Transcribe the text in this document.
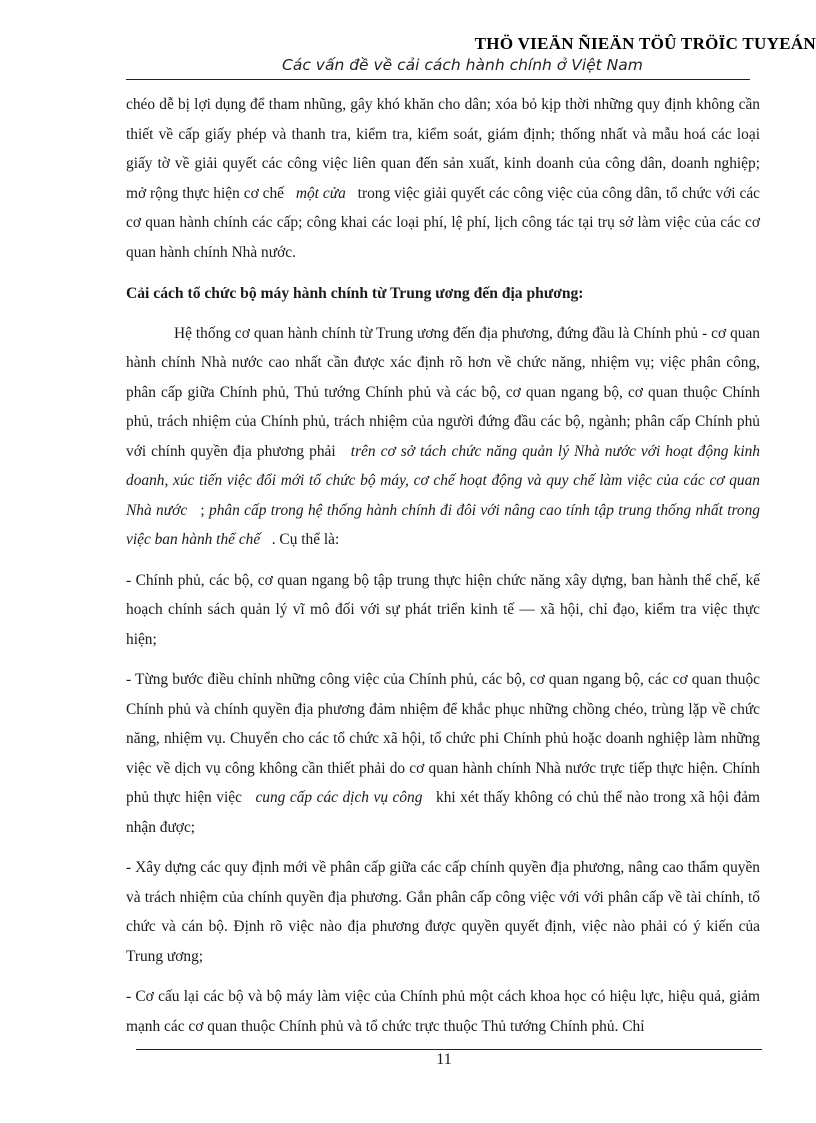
THÖ VIEÄN ÑIEÄN TÖÛ TRÖÏC TUYEÁN
Các vấn đề về cải cách hành chính ở Việt Nam

chéo dễ bị lợi dụng để tham nhũng, gây khó khăn cho dân; xóa bỏ kịp thời những quy định không cần thiết về cấp giấy phép và thanh tra, kiểm tra, kiểm soát, giám định; thống nhất và mẫu hoá các loại giấy tờ về giải quyết các công việc liên quan đến sản xuất, kinh doanh của công dân, doanh nghiệp; mở rộng thực hiện cơ chế một cửa trong việc giải quyết các công việc của công dân, tổ chức với các cơ quan hành chính các cấp; công khai các loại phí, lệ phí, lịch công tác tại trụ sở làm việc của các cơ quan hành chính Nhà nước.

Cải cách tổ chức bộ máy hành chính từ Trung ương đến địa phương:

Hệ thống cơ quan hành chính từ Trung ương đến địa phương, đứng đầu là Chính phủ - cơ quan hành chính Nhà nước cao nhất cần được xác định rõ hơn về chức năng, nhiệm vụ; việc phân công, phân cấp giữa Chính phủ, Thủ tướng Chính phủ và các bộ, cơ quan ngang bộ, cơ quan thuộc Chính phủ, trách nhiệm của Chính phủ, trách nhiệm của người đứng đầu các bộ, ngành; phân cấp Chính phủ với chính quyền địa phương phải trên cơ sở tách chức năng quản lý Nhà nước với hoạt động kinh doanh, xúc tiến việc đổi mới tổ chức bộ máy, cơ chế hoạt động và quy chế làm việc của các cơ quan Nhà nước ; phân cấp trong hệ thống hành chính đi đôi với nâng cao tính tập trung thống nhất trong việc ban hành thể chế . Cụ thể là:

- Chính phủ, các bộ, cơ quan ngang bộ tập trung thực hiện chức năng xây dựng, ban hành thể chế, kế hoạch chính sách quản lý vĩ mô đối với sự phát triển kinh tế — xã hội, chỉ đạo, kiểm tra việc thực hiện;

- Từng bước điều chỉnh những công việc của Chính phủ, các bộ, cơ quan ngang bộ, các cơ quan thuộc Chính phủ và chính quyền địa phương đảm nhiệm để khắc phục những chồng chéo, trùng lặp về chức năng, nhiệm vụ. Chuyển cho các tổ chức xã hội, tổ chức phi Chính phủ hoặc doanh nghiệp làm những việc về dịch vụ công không cần thiết phải do cơ quan hành chính Nhà nước trực tiếp thực hiện. Chính phủ thực hiện việc cung cấp các dịch vụ công khi xét thấy không có chủ thể nào trong xã hội đảm nhận được;

- Xây dựng các quy định mới về phân cấp giữa các cấp chính quyền địa phương, nâng cao thẩm quyền và trách nhiệm của chính quyền địa phương. Gắn phân cấp công việc với với phân cấp về tài chính, tổ chức và cán bộ. Định rõ việc nào địa phương được quyền quyết định, việc nào phải có ý kiến của Trung ương;

- Cơ cấu lại các bộ và bộ máy làm việc của Chính phủ một cách khoa học có hiệu lực, hiệu quả, giảm mạnh các cơ quan thuộc Chính phủ và tổ chức trực thuộc Thủ tướng Chính phủ. Chỉ

11
